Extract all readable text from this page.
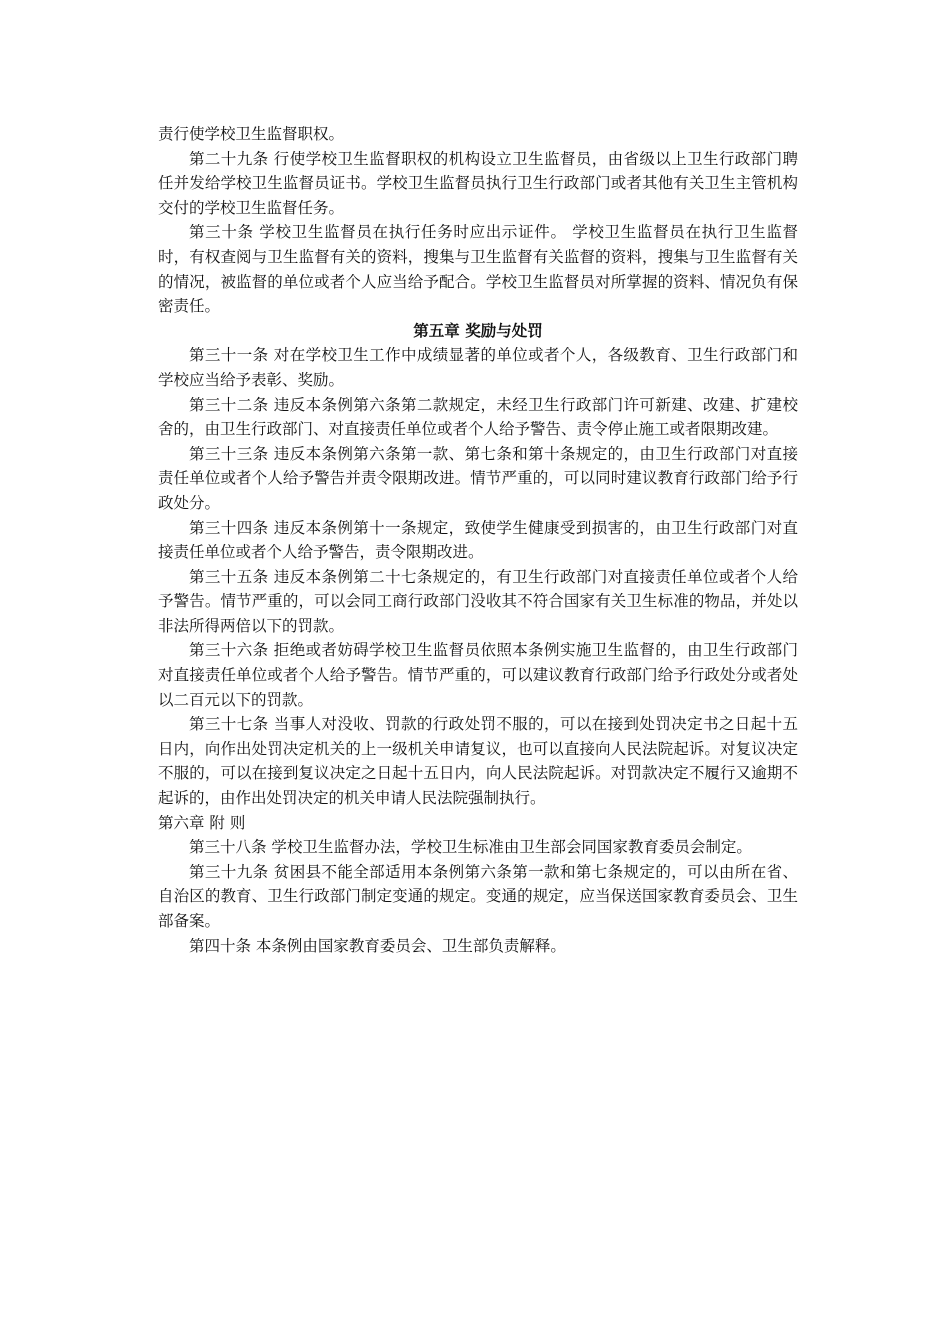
责行使学校卫生监督职权。

第二十九条 行使学校卫生监督职权的机构设立卫生监督员，由省级以上卫生行政部门聘任并发给学校卫生监督员证书。学校卫生监督员执行卫生行政部门或者其他有关卫生主管机构交付的学校卫生监督任务。

第三十条 学校卫生监督员在执行任务时应出示证件。 学校卫生监督员在执行卫生监督时，有权查阅与卫生监督有关的资料，搜集与卫生监督有关监督的资料，搜集与卫生监督有关的情况，被监督的单位或者个人应当给予配合。学校卫生监督员对所掌握的资料、情况负有保密责任。

第五章 奖励与处罚

第三十一条 对在学校卫生工作中成绩显著的单位或者个人，各级教育、卫生行政部门和学校应当给予表彰、奖励。

第三十二条 违反本条例第六条第二款规定，未经卫生行政部门许可新建、改建、扩建校舍的，由卫生行政部门、对直接责任单位或者个人给予警告、责令停止施工或者限期改建。

第三十三条 违反本条例第六条第一款、第七条和第十条规定的，由卫生行政部门对直接责任单位或者个人给予警告并责令限期改进。情节严重的，可以同时建议教育行政部门给予行政处分。

第三十四条 违反本条例第十一条规定，致使学生健康受到损害的，由卫生行政部门对直接责任单位或者个人给予警告，责令限期改进。

第三十五条 违反本条例第二十七条规定的，有卫生行政部门对直接责任单位或者个人给予警告。情节严重的，可以会同工商行政部门没收其不符合国家有关卫生标准的物品，并处以非法所得两倍以下的罚款。

第三十六条 拒绝或者妨碍学校卫生监督员依照本条例实施卫生监督的，由卫生行政部门对直接责任单位或者个人给予警告。情节严重的，可以建议教育行政部门给予行政处分或者处以二百元以下的罚款。

第三十七条 当事人对没收、罚款的行政处罚不服的，可以在接到处罚决定书之日起十五日内，向作出处罚决定机关的上一级机关申请复议，也可以直接向人民法院起诉。对复议决定不服的，可以在接到复议决定之日起十五日内，向人民法院起诉。对罚款决定不履行又逾期不起诉的，由作出处罚决定的机关申请人民法院强制执行。

第六章 附 则

第三十八条 学校卫生监督办法，学校卫生标准由卫生部会同国家教育委员会制定。

第三十九条 贫困县不能全部适用本条例第六条第一款和第七条规定的，可以由所在省、自治区的教育、卫生行政部门制定变通的规定。变通的规定，应当保送国家教育委员会、卫生部备案。

第四十条 本条例由国家教育委员会、卫生部负责解释。
